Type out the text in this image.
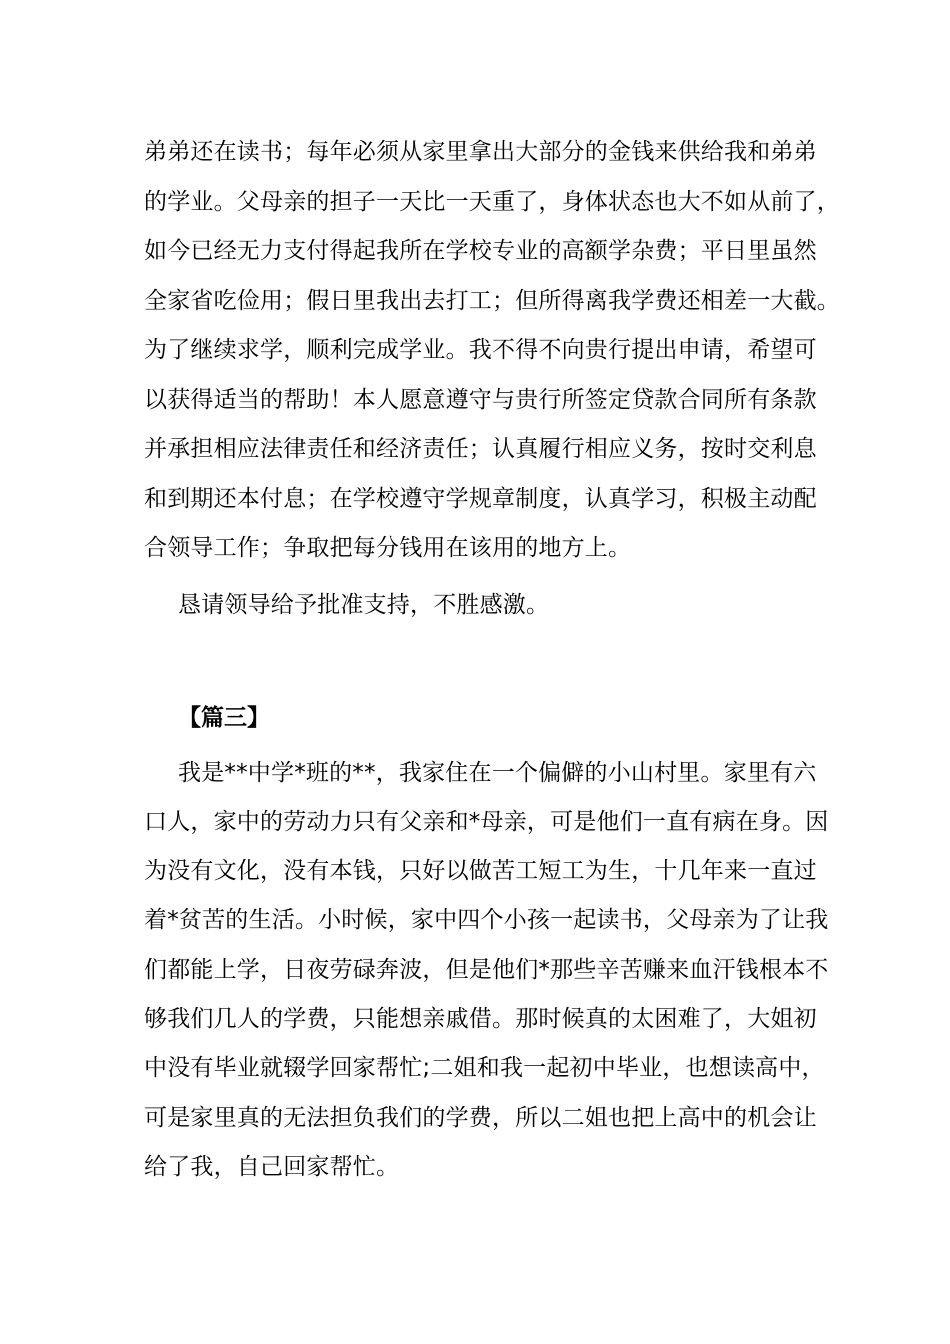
弟弟还在读书；每年必须从家里拿出大部分的金钱来供给我和弟弟
的学业。父母亲的担子一天比一天重了，身体状态也大不如从前了，
如今已经无力支付得起我所在学校专业的高额学杂费；平日里虽然
全家省吃俭用；假日里我出去打工；但所得离我学费还相差一大截。
为了继续求学，顺利完成学业。我不得不向贵行提出申请，希望可
以获得适当的帮助！本人愿意遵守与贵行所签定贷款合同所有条款
并承担相应法律责任和经济责任；认真履行相应义务，按时交利息
和到期还本付息；在学校遵守学规章制度，认真学习，积极主动配
合领导工作；争取把每分钱用在该用的地方上。
恳请领导给予批准支持，不胜感激。
【篇三】
我是**中学*班的**，我家住在一个偏僻的小山村里。家里有六
口人，家中的劳动力只有父亲和*母亲，可是他们一直有病在身。因
为没有文化，没有本钱，只好以做苦工短工为生，十几年来一直过
着*贫苦的生活。小时候，家中四个小孩一起读书，父母亲为了让我
们都能上学，日夜劳碌奔波，但是他们*那些辛苦赚来血汗钱根本不
够我们几人的学费，只能想亲戚借。那时候真的太困难了，大姐初
中没有毕业就辍学回家帮忙;二姐和我一起初中毕业，也想读高中，
可是家里真的无法担负我们的学费，所以二姐也把上高中的机会让
给了我，自己回家帮忙。
